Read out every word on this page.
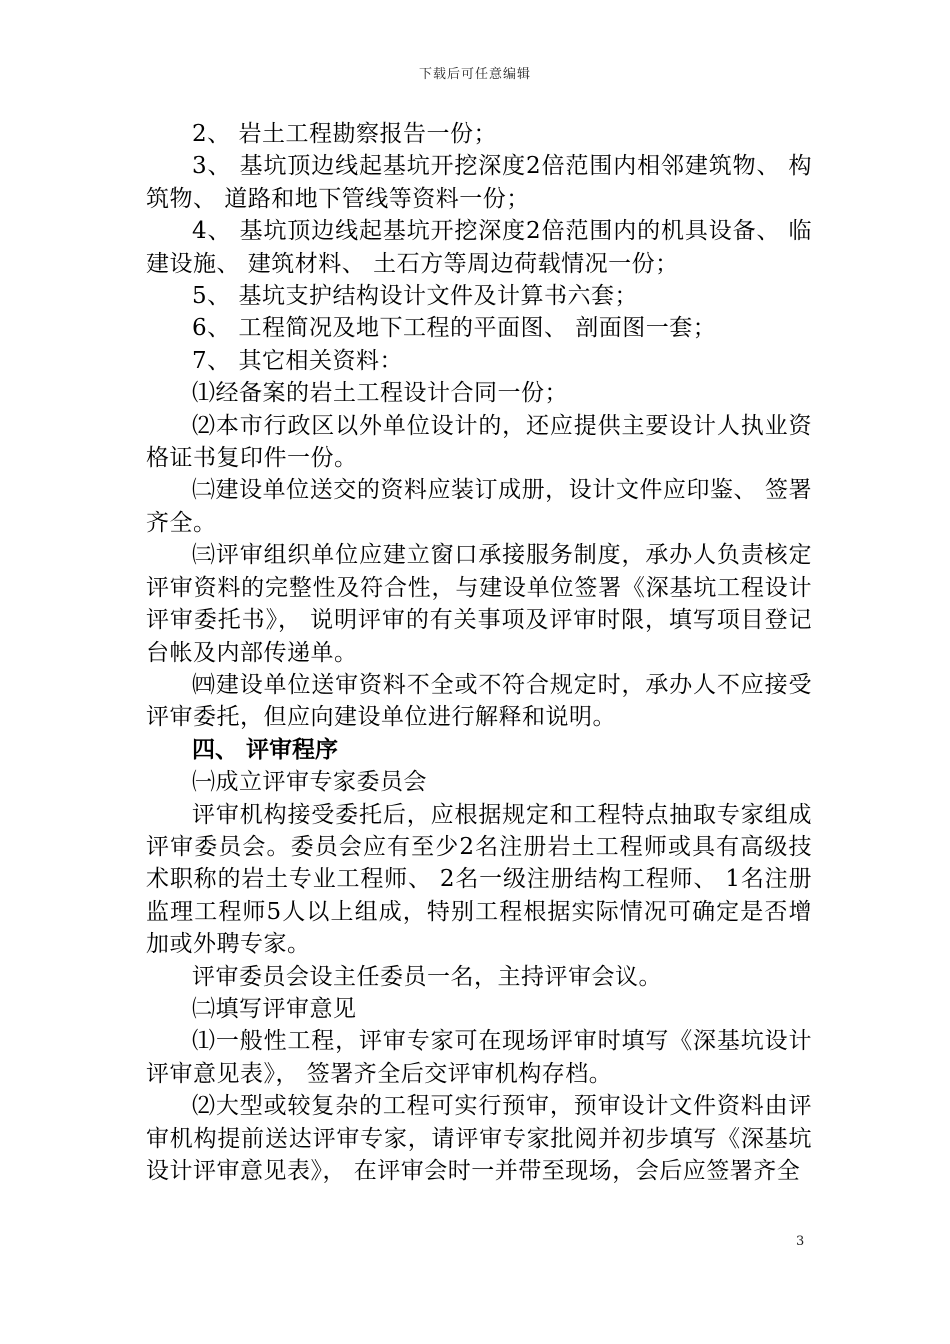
下载后可任意编辑

2、 岩土工程勘察报告一份；

3、 基坑顶边线起基坑开挖深度2倍范围内相邻建筑物、 构筑物、 道路和地下管线等资料一份；

4、 基坑顶边线起基坑开挖深度2倍范围内的机具设备、 临建设施、 建筑材料、 土石方等周边荷载情况一份；

5、 基坑支护结构设计文件及计算书六套；

6、 工程简况及地下工程的平面图、 剖面图一套；

7、 其它相关资料：

⑴经备案的岩土工程设计合同一份；

⑵本市行政区以外单位设计的，还应提供主要设计人执业资格证书复印件一份。

㈡建设单位送交的资料应装订成册，设计文件应印鉴、 签署齐全。

㈢评审组织单位应建立窗口承接服务制度，承办人负责核定评审资料的完整性及符合性，与建设单位签署《深基坑工程设计评审委托书》， 说明评审的有关事项及评审时限，填写项目登记台帐及内部传递单。

㈣建设单位送审资料不全或不符合规定时，承办人不应接受评审委托，但应向建设单位进行解释和说明。

四、 评审程序

㈠成立评审专家委员会

评审机构接受委托后，应根据规定和工程特点抽取专家组成评审委员会。委员会应有至少2名注册岩土工程师或具有高级技术职称的岩土专业工程师、 2名一级注册结构工程师、 1名注册监理工程师5人以上组成，特别工程根据实际情况可确定是否增加或外聘专家。

评审委员会设主任委员一名，主持评审会议。

㈡填写评审意见

⑴一般性工程，评审专家可在现场评审时填写《深基坑设计评审意见表》， 签署齐全后交评审机构存档。

⑵大型或较复杂的工程可实行预审，预审设计文件资料由评审机构提前送达评审专家，请评审专家批阅并初步填写《深基坑设计评审意见表》， 在评审会时一并带至现场，会后应签署齐全

3
